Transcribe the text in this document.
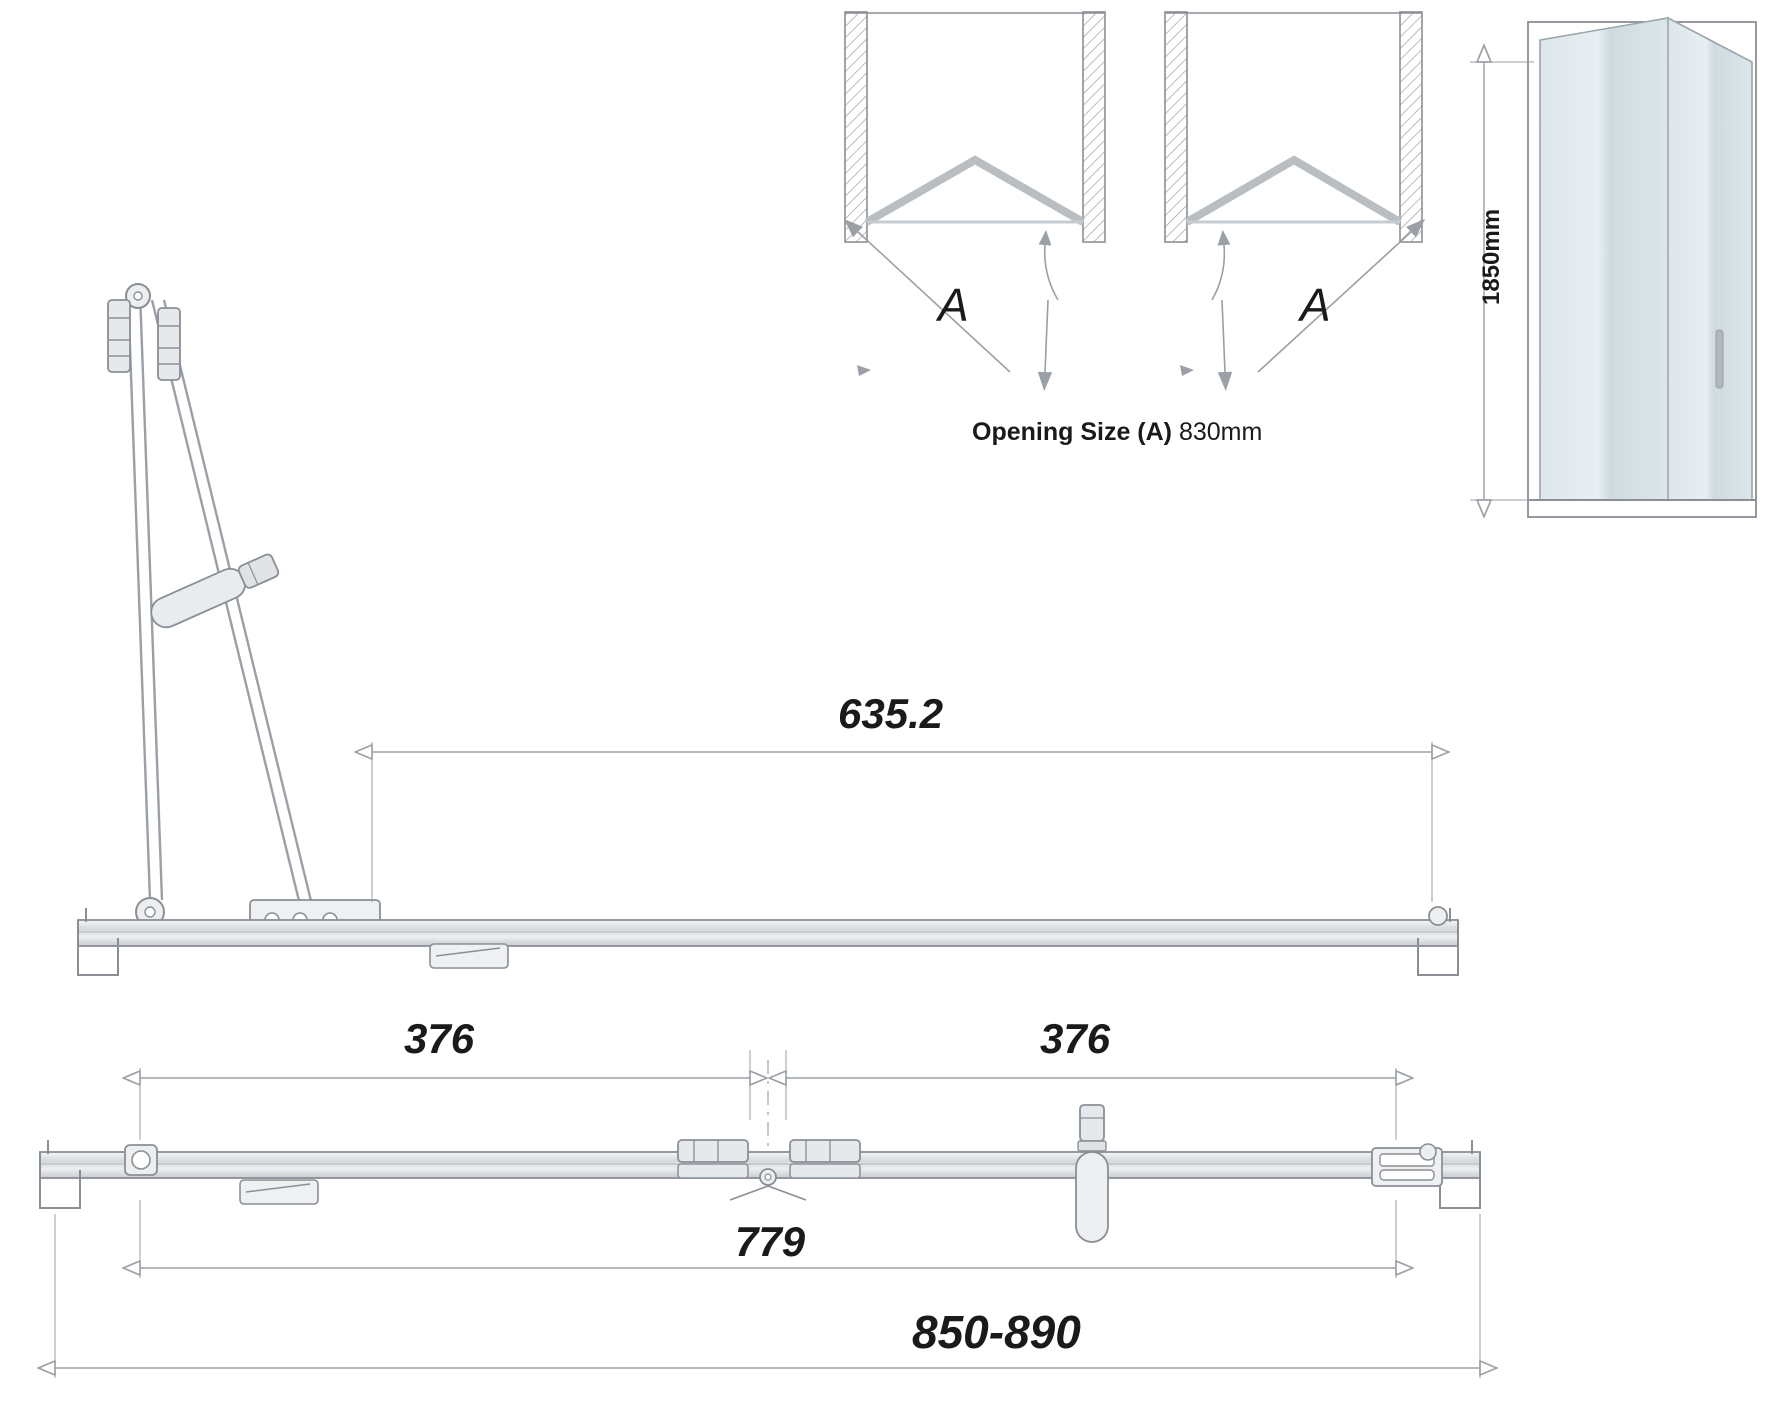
A	A
Opening Size (A) 830mm
1850mm
635.2
376	376
779
850-890
